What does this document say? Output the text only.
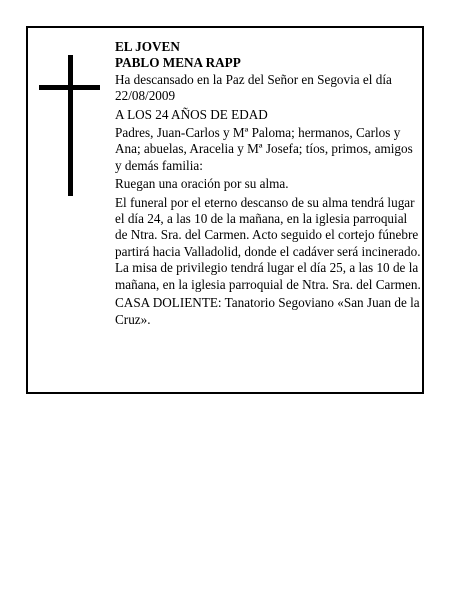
EL JOVEN

PABLO MENA RAPP

Ha descansado en la Paz del Señor en Segovia el día 22/08/2009

A LOS 24 AÑOS DE EDAD

Padres, Juan-Carlos y Mª Paloma; hermanos, Carlos y Ana; abuelas, Aracelia y Mª Josefa; tíos, primos, amigos y demás familia:

Ruegan una oración por su alma.

El funeral por el eterno descanso de su alma tendrá lugar el día 24, a las 10 de la mañana, en la iglesia parroquial de Ntra. Sra. del Carmen. Acto seguido el cortejo fúnebre partirá hacia Valladolid, donde el cadáver será incinerado. La misa de privilegio tendrá lugar el día 25, a las 10 de la mañana, en la iglesia parroquial de Ntra. Sra. del Carmen.

CASA DOLIENTE: Tanatorio Segoviano «San Juan de la Cruz».
